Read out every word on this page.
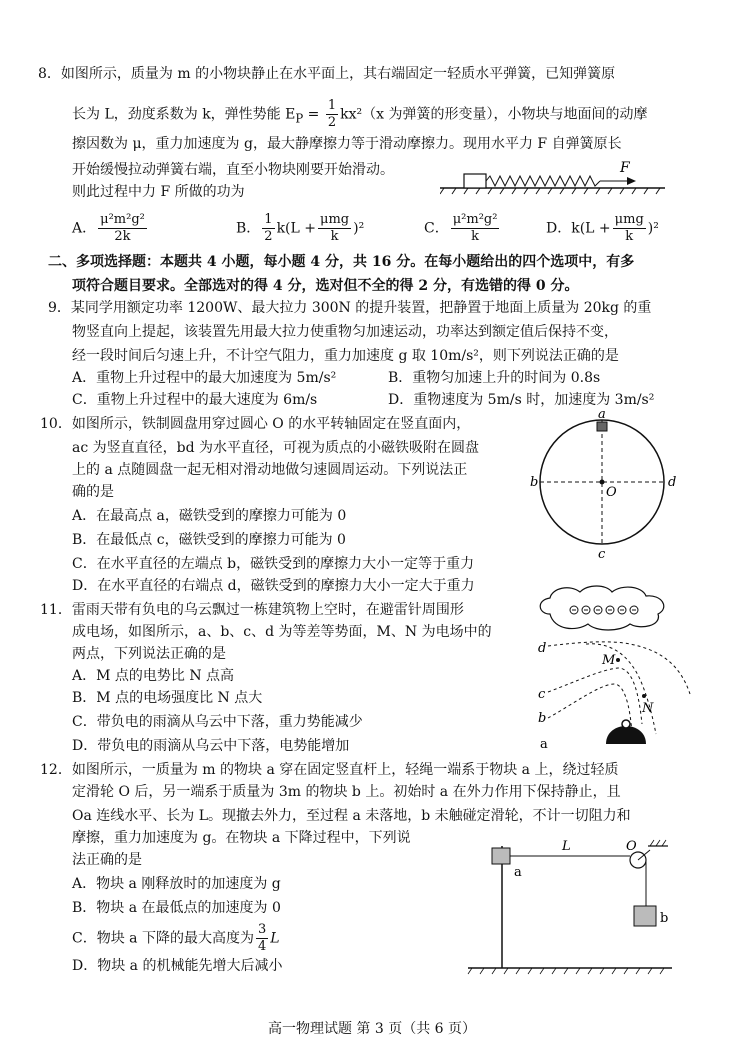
8．如图所示，质量为 m 的小物块静止在水平面上，其右端固定一轻质水平弹簧，已知弹簧原
长为 L，劲度系数为 k，弹性势能 $E_P = \frac{1}{2} kx^2(x$ 为弹簧的形变量），小物块与地面间的动摩
擦因数为 μ，重力加速度为 g，最大静摩擦力等于滑动摩擦力。现用水平力 F 自弹簧原长
开始缓慢拉动弹簧右端，直至小物块刚要开始滑动。
则此过程中力 F 所做的功为
F
A． $\frac{\text{μ²m²g²}}{2k}$	B． $\frac{1}{2} k(L + \frac{\text{μmg}}{k} )^2$	C． $\frac{\text{μ²m²g²}}{k}$	D．$k(L + \frac{\text{μmg}}{k} )^2$
二、多项选择题：本题共 4 小题，每小题 4 分，共 16 分。在每小题给出的四个选项中，有多
项符合题目要求。全部选对的得 4 分，选对但不全的得 2 分，有选错的得 0 分。
9．某同学用额定功率 1200W、最大拉力 300N 的提升装置，把静置于地面上质量为 20kg 的重
物竖直向上提起，该装置先用最大拉力使重物匀加速运动，功率达到额定值后保持不变，
经一段时间后匀速上升，不计空气阻力，重力加速度 g 取 10m/s²，则下列说法正确的是
A．重物上升过程中的最大加速度为 5m/s²	B．重物匀加速上升的时间为 0.8s
C．重物上升过程中的最大速度为 6m/s	D．重物速度为 5m/s 时，加速度为 3m/s²
10．如图所示，铁制圆盘用穿过圆心 O 的水平转轴固定在竖直面内，
ac 为竖直直径，bd 为水平直径，可视为质点的小磁铁吸附在圆盘
上的 a 点随圆盘一起无相对滑动地做匀速圆周运动。下列说法正
确的是
A．在最高点 a，磁铁受到的摩擦力可能为 0
B．在最低点 c，磁铁受到的摩擦力可能为 0
C．在水平直径的左端点 b，磁铁受到的摩擦力大小一定等于重力
D．在水平直径的右端点 d，磁铁受到的摩擦力大小一定大于重力
a
b
c
d
O
11．雷雨天带有负电的乌云飘过一栋建筑物上空时，在避雷针周围形
成电场，如图所示，a、b、c、d 为等差等势面，M、N 为电场中的
两点，下列说法正确的是
A．M 点的电势比 N 点高
B．M 点的电场强度比 N 点大
C．带负电的雨滴从乌云中下落，重力势能减少
D．带负电的雨滴从乌云中下落，电势能增加
d
c
b
a
M
N
12．如图所示，一质量为 m 的物块 a 穿在固定竖直杆上，轻绳一端系于物块 a 上，绕过轻质
定滑轮 O 后，另一端系于质量为 3m 的物块 b 上。初始时 a 在外力作用下保持静止，且
Oa 连线水平、长为 L。现撤去外力，至过程 a 未落地，b 未触碰定滑轮，不计一切阻力和
摩擦，重力加速度为 g。在物块 a 下降过程中，下列说
法正确的是
A．物块 a 刚释放时的加速度为 g
B．物块 a 在最低点的加速度为 0
C．物块 a 下降的最大高度为 $\frac{3}{4}$ L
D．物块 a 的机械能先增大后减小
L	O
a
b
高一物理试题 第 3 页（共 6 页）
